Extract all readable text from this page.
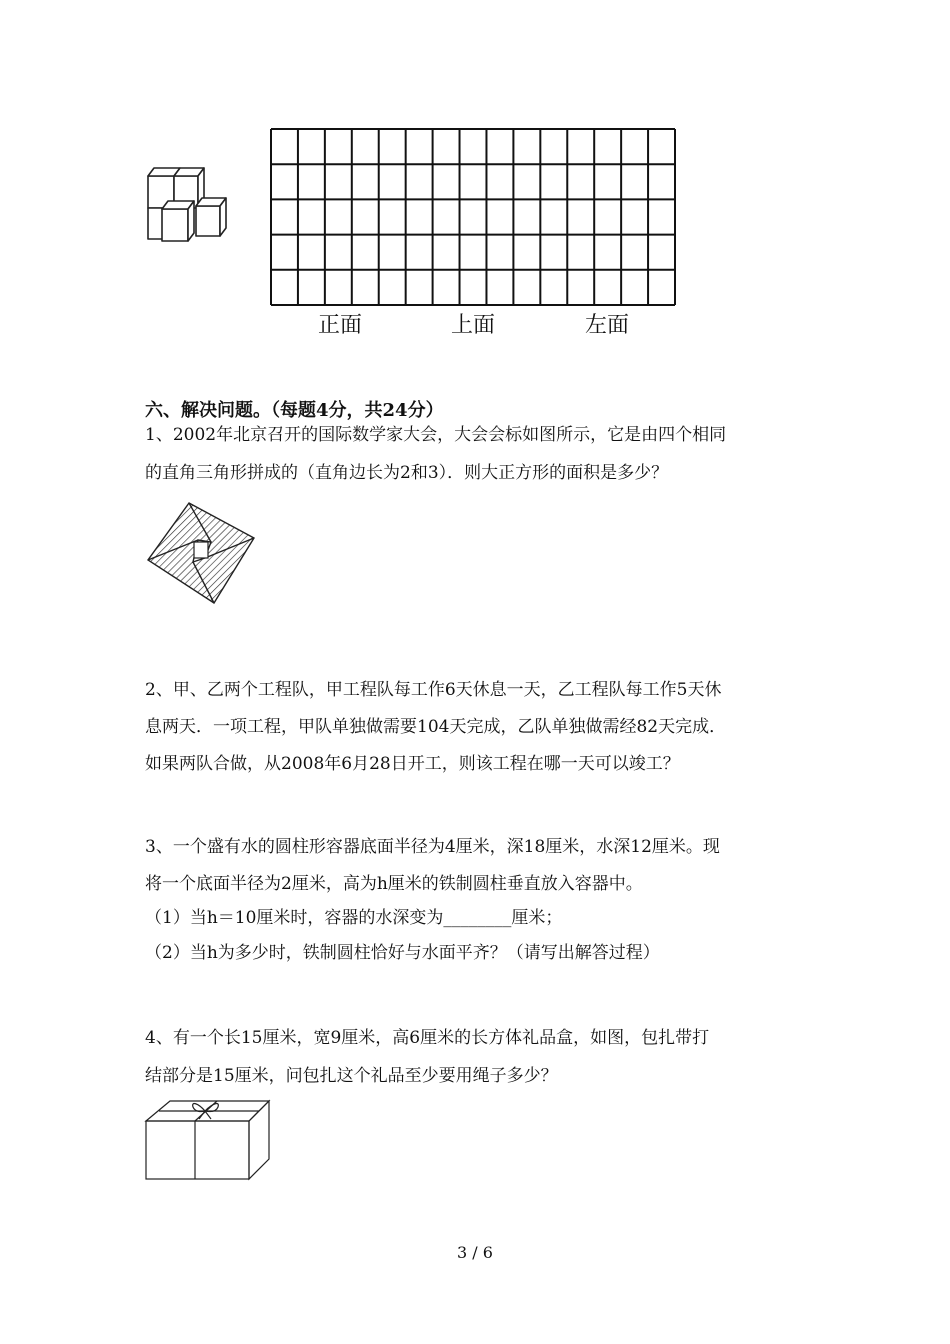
正面	上面	左面
六、解决问题。（每题4分，共24分）
1、2002年北京召开的国际数学家大会，大会会标如图所示，它是由四个相同
的直角三角形拼成的（直角边长为2和3）．则大正方形的面积是多少？
2、甲、乙两个工程队，甲工程队每工作6天休息一天，乙工程队每工作5天休
息两天．一项工程，甲队单独做需要104天完成，乙队单独做需经82天完成．
如果两队合做，从2008年6月28日开工，则该工程在哪一天可以竣工？
3、一个盛有水的圆柱形容器底面半径为4厘米，深18厘米，水深12厘米。现
将一个底面半径为2厘米，高为h厘米的铁制圆柱垂直放入容器中。
（1）当h＝10厘米时，容器的水深变为________厘米；
（2）当h为多少时，铁制圆柱恰好与水面平齐？（请写出解答过程）
4、有一个长15厘米，宽9厘米，高6厘米的长方体礼品盒，如图，包扎带打
结部分是15厘米，问包扎这个礼品至少要用绳子多少？
3 / 6
